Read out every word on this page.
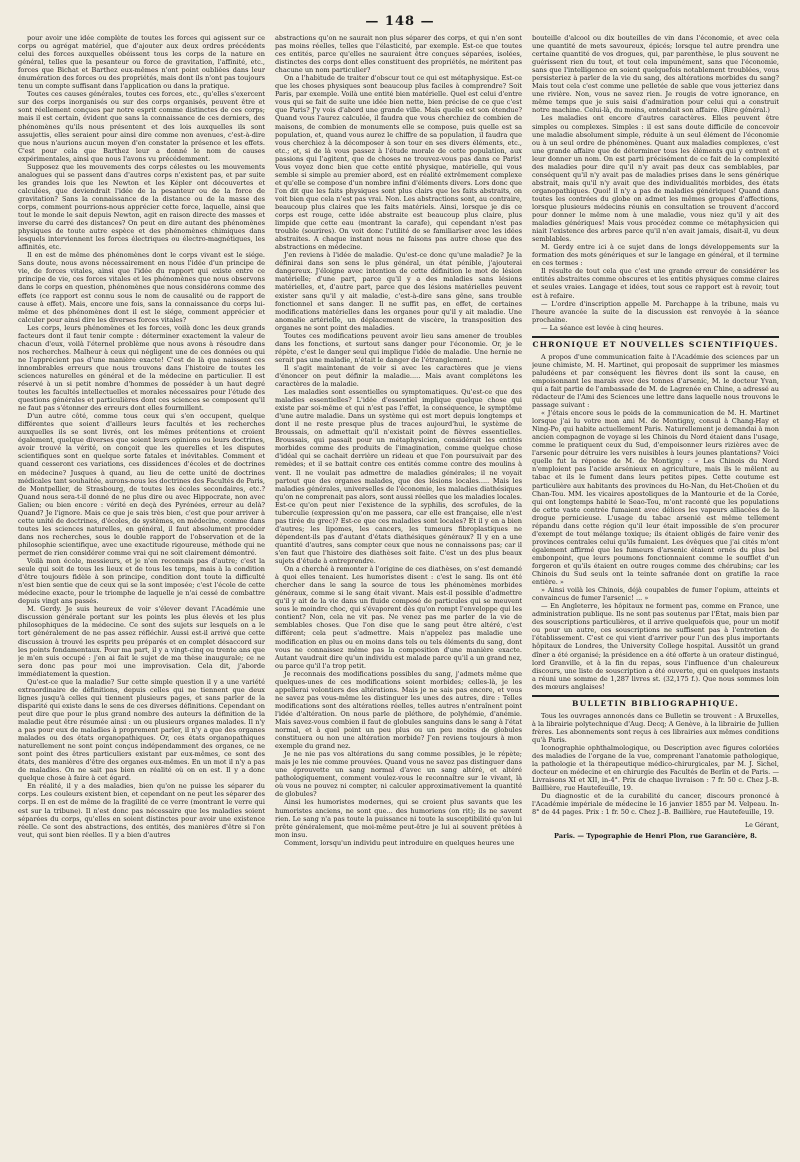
— 148 —

pour avoir une idée complète de toutes les forces qui agissent sur ce corps ou agrégat matériel, que d'ajouter aux deux ordres précédents celui des forces auxquelles obéissent tous les corps de la nature en général, telles que la pesanteur ou force de gravitation, l'affinité, etc., forces que Bichat et Barthez eux-mêmes n'ont point oubliées dans leur énumération des forces ou des propriétés, mais dont ils n'ont pas toujours tenu un compte suffisant dans l'application ou dans la pratique.

Toutes ces causes générales, toutes ces forces, etc., qu'elles s'exercent sur des corps inorganisés ou sur des corps organisés, peuvent être et sont réellement conçues par notre esprit comme distinctes de ces corps; mais il est certain, évident que sans la connaissance de ces derniers, des phénomènes qu'ils nous présentent et des lois auxquelles ils sont assujettis, elles seraient pour ainsi dire comme non avenues, c'est-à-dire que nous n'aurions aucun moyen d'en constater la présence et les effets. C'est pour cela que Barthez leur a donné le nom de causes expérimentales, ainsi que nous l'avons vu précédemment.

Supposez que les mouvements des corps célestes ou les mouvements analogues qui se passent dans d'autres corps n'existent pas, et par suite les grandes lois que les Newton et les Képler ont découvertes et calculées, que deviendrait l'idée de la pesanteur ou de la force de gravitation? Sans la connaissance de la distance ou de la masse des corps, comment pourrions-nous apprécier cette force, laquelle, ainsi que tout le monde le sait depuis Newton, agit en raison directe des masses et inverse du carré des distances? On peut en dire autant des phénomènes physiques de toute autre espèce et des phénomènes chimiques dans lesquels interviennent les forces électriques ou électro-magnétiques, les affinités, etc.

Il en est de même des phénomènes dont le corps vivant est le siége. Sans doute, nous avons nécessairement en nous l'idée d'un principe de vie, de forces vitales, ainsi que l'idée du rapport qui existe entre ce principe de vie, ces forces vitales et les phénomènes que nous observons dans le corps en question, phénomènes que nous considérons comme des effets (ce rapport est connu sous le nom de causalité ou de rapport de cause à effet). Mais, encore une fois, sans la connaissance du corps lui-même et des phénomènes dont il est le siége, comment apprécier et calculer pour ainsi dire les diverses forces vitales?

Les corps, leurs phénomènes et les forces, voilà donc les deux grands facteurs dont il faut tenir compte : déterminer exactement la valeur de chacun d'eux, voilà l'éternel problème que nous avons à résoudre dans nos recherches. Malheur à ceux qui négligent une de ces données ou qui ne l'apprécient pas d'une manière exacte! C'est de là que naissent ces innombrables erreurs que nous trouvons dans l'histoire de toutes les sciences naturelles en général et de la médecine en particulier. Il est réservé à un si petit nombre d'hommes de posséder à un haut degré toutes les facultés intellectuelles et morales nécessaires pour l'étude des questions générales et particulières dont ces sciences se composent qu'il ne faut pas s'étonner des erreurs dont elles fourmillent.

D'un autre côté, comme tous ceux qui s'en occupent, quelque différentes que soient d'ailleurs leurs facultés et les recherches auxquelles ils se sont livrés, ont les mêmes prétentions et croient également, quelque diverses que soient leurs opinions ou leurs doctrines, avoir trouvé la vérité, on conçoit que les querelles et les disputes scientifiques sont en quelque sorte fatales et inévitables. Comment et quand cesseront ces variations, ces dissidences d'écoles et de doctrines en médecine? Jusques à quand, au lieu de cette unité de doctrines médicales tant souhaitée, aurons-nous les doctrines des Facultés de Paris, de Montpellier, de Strasbourg, de toutes les écoles secondaires, etc.? Quand nous sera-t-il donné de ne plus dire ou avec Hippocrate, non avec Galien; ou bien encore : vérité en deçà des Pyrénées, erreur au delà? Quand? Je l'ignore. Mais ce que je sais très bien, c'est que pour arriver à cette unité de doctrines, d'écoles, de systèmes, en médecine, comme dans toutes les sciences naturelles, en général, il faut absolument procéder dans nos recherches, sous le double rapport de l'observation et de la philosophie scientifique, avec une exactitude rigoureuse, méthode qui ne permet de rien considérer comme vrai qui ne soit clairement démontré.

Voilà mon école, messieurs, et je n'en reconnais pas d'autre; c'est la seule qui soit de tous les lieux et de tous les temps, mais à la condition d'être toujours fidèle à son principe, condition dont toute la difficulté n'est bien sentie que de ceux qui se la sont imposée; c'est l'école de cette médecine exacte, pour le triomphe de laquelle je n'ai cessé de combattre depuis vingt ans passés.

M. Gerdy. Je suis heureux de voir s'élever devant l'Académie une discussion générale portant sur les points les plus élevés et les plus philosophiques de la médecine. Ce sont des sujets sur lesquels on a le tort généralement de ne pas assez réfléchir. Aussi est-il arrivé que cette discussion à trouvé les esprits peu préparés et en complet désaccord sur les points fondamentaux. Pour ma part, il y a vingt-cinq ou trente ans que je m'en suis occupé : j'en ai fait le sujet de ma thèse inaugurale; ce ne sera donc pas pour moi une improvisation. Cela dit, j'aborde immédiatement la question.

Qu'est-ce que la maladie? Sur cette simple question il y a une variété extraordinaire de définitions, depuis celles qui ne tiennent que deux lignes jusqu'à celles qui tiennent plusieurs pages, et sans parler de la disparité qui existe dans le sens de ces diverses définitions. Cependant on peut dire que pour le plus grand nombre des auteurs la définition de la maladie peut être résumée ainsi : un ou plusieurs organes malades. Il n'y a pas pour eux de maladies à proprement parler, il n'y a que des organes malades ou des états organopathiques. Or, ces états organopathiques naturellement ne sont point conçus indépendamment des organes, ce ne sont point des êtres particuliers existant par eux-mêmes, ce sont des états, des manières d'être des organes eux-mêmes. En un mot il n'y a pas de maladies. On ne sait pas bien en réalité où on en est. Il y a donc quelque chose à faire à cet égard.

En réalité, il y a des maladies, bien qu'on ne puisse les séparer du corps. Les couleurs existent bien, et cependant on ne peut les séparer des corps. Il en est de même de la fragilité de ce verre (montrant le verre qui est sur la tribune). Il n'est donc pas nécessaire que les maladies soient séparées du corps, qu'elles en soient distinctes pour avoir une existence réelle. Ce sont des abstractions, des entités, des manières d'être si l'on veut, qui sont bien réelles. Il y a bien d'autres

abstractions qu'on ne saurait non plus séparer des corps, et qui n'en sont pas moins réelles, telles que l'élasticité, par exemple. Est-ce que toutes ces entités, parce qu'elles ne sauraient être conçues séparées, isolées, distinctes des corps dont elles constituent des propriétés, ne méritent pas chacune un nom particulier?

On a l'habitude de traiter d'obscur tout ce qui est métaphysique. Est-ce que les choses physiques sont beaucoup plus faciles à comprendre? Soit Paris, par exemple. Voilà une entité bien matérielle. Quel est celui d'entre vous qui se fait de suite une idée bien nette, bien précise de ce que c'est que Paris? J'y vois d'abord une grande ville. Mais quelle est son étendue? Quand vous l'aurez calculée, il faudra que vous cherchiez de combien de maisons, de combien de monuments elle se compose, puis quelle est sa population, et, quand vous aurez le chiffre de sa population, il faudra que vous cherchiez à la décomposer à son tour en ses divers éléments, etc., etc.; et, si de là vous passez à l'étude morale de cette population, aux passions qui l'agitent, que de choses ne trouvez-vous pas dans ce Paris! Vous voyez donc bien que cette entité physique, matérielle, qui vous semble si simple au premier abord, est en réalité extrêmement complexe et qu'elle se compose d'un nombre infini d'éléments divers. Lors donc que l'on dit que les faits physiques sont plus clairs que les faits abstraits, on voit bien que cela n'est pas vrai. Non. Les abstractions sont, au contraire, beaucoup plus claires que les faits matériels. Ainsi, lorsque je dis ce corps est rouge, cette idée abstraite est beaucoup plus claire, plus limpide que cette eau (montrant la carafe), qui cependant n'est pas trouble (sourires). On voit donc l'utilité de se familiariser avec les idées abstraites. A chaque instant nous ne faisons pas autre chose que des abstractions en médecine.

J'en reviens à l'idée de maladie. Qu'est-ce donc qu'une maladie? Je la définirai dans son sens le plus général, un état pénible, j'ajouterai dangereux. J'éloigne avec intention de cette définition le mot de lésion matérielle; d'une part, parce qu'il y a des maladies sans lésions matérielles, et, d'autre part, parce que des lésions matérielles peuvent exister sans qu'il y ait maladie, c'est-à-dire sans gêne, sans trouble fonctionnel et sans danger. Il ne suffit pas, en effet, de certaines modifications matérielles dans les organes pour qu'il y ait maladie. Une anomalie artérielle, un déplacement de viscère, la transposition des organes ne sont point des maladies.

Toutes ces modifications peuvent avoir lieu sans amener de troubles dans les fonctions, et surtout sans danger pour l'économie. Or, je le répète, c'est le danger seul qui implique l'idée de maladie. Une hernie ne serait pas une maladie, n'était le danger de l'étranglement.

Il s'agit maintenant de voir si avec les caractères que je viens d'énoncer on peut définir la maladie..... Mais avant complétons les caractères de la maladie.

Les maladies sont essentielles ou symptomatiques. Qu'est-ce que des maladies essentielles? L'idée d'essentiel implique quelque chose qui existe par soi-même et qui n'est pas l'effet, la conséquence, le symptôme d'une autre maladie. Dans un système qui est mort depuis longtemps et dont il ne reste presque plus de traces aujourd'hui, le système de Broussais, on admettait qu'il n'existait point de fièvres essentielles. Broussais, qui passait pour un métaphysicien, considérait les entités morbides comme des produits de l'imagination, comme quelque chose d'idéal qui se cachait derrière un rideau et que l'on poursuivait par des remèdes; et il se battait contre ces entités comme contre des moulins à vent. Il ne voulait pas admettre de maladies générales; il ne voyait partout que des organes malades, que des lésions locales..... Mais les maladies générales, universelles de l'économie, les maladies diathésiques qu'on ne comprenait pas alors, sont aussi réelles que les maladies locales. Est-ce qu'on peut nier l'existence de la syphilis, des scrofules, de la tuberculie (expression qu'on me passera, car elle est française, elle n'est pas tirée du grec)? Est-ce que ces maladies sont locales? Et il y en a bien d'autres; les lipomes, les cancers, les tumeurs fibroplastiques ne dépendent-ils pas d'autant d'états diathésiques généraux? Il y en a une quantité d'autres, sans compter ceux que nous ne connaissons pas; car il s'en faut que l'histoire des diathèses soit faite. C'est un des plus beaux sujets d'étude à entreprendre.

On a cherché à remonter à l'origine de ces diathèses, on s'est demandé à quoi elles tenaient. Les humoristes disent : c'est le sang. Ils ont été chercher dans le sang la source de tous les phénomènes morbides généraux, comme si le sang était vivant. Mais est-il possible d'admettre qu'il y ait de la vie dans un fluide composé de particules qui se meuvent sous le moindre choc, qui s'évaporent dès qu'on rompt l'enveloppe qui les contient? Non, cela ne vit pas. Ne venez pas me parler de la vie de semblables choses. Que l'on dise que le sang peut être altéré, c'est différent; cela peut s'admettre. Mais n'appelez pas maladie une modification en plus ou en moins dans tels ou tels éléments du sang, dont vous ne connaissez même pas la composition d'une manière exacte. Autant vaudrait dire qu'un individu est malade parce qu'il a un grand nez, ou parce qu'il l'a trop petit.

Je reconnais des modifications possibles du sang, j'admets même que quelques-unes de ces modifications soient morbides; celles-là, je les appellerai volontiers des altérations. Mais je ne sais pas encore, et vous ne savez pas vous-même les distinguer les unes des autres, dire : Telles modifications sont des altérations réelles, telles autres n'entraînent point l'idée d'altération. On nous parle de pléthore, de polyhémie, d'anémie. Mais savez-vous combien il faut de globules sanguins dans le sang à l'état normal, et à quel point un peu plus ou un peu moins de globules constituera ou non une altération morbide? J'en reviens toujours à mon exemple du grand nez.

Je ne nie pas vos altérations du sang comme possibles, je le répète; mais je les nie comme prouvées. Quand vous ne savez pas distinguer dans une éprouvette un sang normal d'avec un sang altéré, et altéré pathologiquement, comment voulez-vous le reconnaître sur le vivant, là où vous ne pouvez ni compter, ni calculer approximativement la quantité de globules?

Ainsi les humoristes modernes, qui se croient plus savants que les humoristes anciens, ne sont que... des humoriens (on rit); ils ne savent rien. Le sang n'a pas toute la puissance ni toute la susceptibilité qu'on lui prête généralement, que moi-même peut-être je lui ai souvent prêtées à mon insu.

Comment, lorsqu'un individu peut introduire en quelques heures une

bouteille d'alcool ou dix bouteilles de vin dans l'économie, et avec cela une quantité de mets savoureux, épicés; lorsque tel autre prendra une certaine quantité de vos drogues, qui, par parenthèse, le plus souvent ne guérissent rien du tout, et tout cela impunément, sans que l'économie, sans que l'intelligence en soient quelquefois notablement troublées, vous persisteriez à parler de la vie du sang, des altérations morbides du sang? Mais tout cela c'est comme une pelletée de sable que vous jetteriez dans une rivière. Non, vous ne savez rien. Je rougis de votre ignorance, en même temps que je suis saisi d'admiration pour celui qui a construit notre machine. Celui-là, du moins, entendait son affaire. (Rire général.)

Les maladies ont encore d'autres caractères. Elles peuvent être simples ou complexes. Simples : il est sans doute difficile de concevoir une maladie absolument simple, réduite à un seul élément de l'économie ou à un seul ordre de phénomènes. Quant aux maladies complexes, c'est une grande affaire que de déterminer tous les éléments qui y entrent et leur donner un nom. On est parti précisément de ce fait de la complexité des maladies pour dire qu'il n'y avait pas deux cas semblables, par conséquent qu'il n'y avait pas de maladies prises dans le sens générique abstrait, mais qu'il n'y avait que des individualités morbides, des états organopathiques. Quoi! il n'y a pas de maladies génériques! Quand dans toutes les contrées du globe on admet les mêmes groupes d'affections, lorsque plusieurs médecins réunis en consultation se trouvent d'accord pour donner le même nom à une maladie, vous niez qu'il y ait des maladies génériques! Mais vous procédez comme ce métaphysicien qui niait l'existence des arbres parce qu'il n'en avait jamais, disait-il, vu deux semblables.

M. Gerdy entre ici à ce sujet dans de longs développements sur la formation des mots génériques et sur le langage en général, et il termine en ces termes :

Il résulte de tout cela que c'est une grande erreur de considérer les entités abstraites comme obscures et les entités physiques comme claires et seules vraies. Langage et idées, tout sous ce rapport est à revoir, tout est à refaire.

— L'ordre d'inscription appelle M. Parchappe à la tribune, mais vu l'heure avancée la suite de la discussion est renvoyée à la séance prochaine.

— La séance est levée à cinq heures.

CHRONIQUE ET NOUVELLES SCIENTIFIQUES.

A propos d'une communication faite à l'Académie des sciences par un jeune chimiste, M. H. Martinet, qui proposait de supprimer les miasmes paludéens et par conséquent les fièvres dont ils sont la cause, en empoisonnant les marais avec des tonnes d'arsenic, M. le docteur Yvan, qui a fait partie de l'ambassade de M. de Lagrenée en Chine, a adressé au rédacteur de l'Ami des Sciences une lettre dans laquelle nous trouvons le passage suivant :

« J'étais encore sous le poids de la communication de M. H. Martinet lorsque j'ai lu votre mon ami M. de Montigny, consul à Chang-Hay et Ning-Po, qui habite actuellement Paris. Naturellement je demandai à mon ancien compagnon de voyage si les Chinois du Nord étaient dans l'usage, comme le pratiquent ceux du Sud, d'empoisonner leurs rizières avec de l'arsenic pour détruire les vers nuisibles à leurs jeunes plantations? Voici quelle fut la réponse de M. de Montigny : « Les Chinois du Nord n'emploient pas l'acide arsénieux en agriculture, mais ils le mêlent au tabac et ils le fument dans leurs petites pipes. Cette coutume est particulière aux habitants des provinces du Ho-Nan, du Het-Choüen et du Chan-Tou. MM. les vicaires apostoliques de la Mantourie et de la Corée, qui ont longtemps habité le Seao-Tou, m'ont raconté que les populations de cette vaste contrée fumaient avec délices les vapeurs alliacées de la drogue pernicieuse. L'usage du tabac arsenié est même tellement répandu dans cette région qu'il leur était impossible de s'en procurer d'exempt de tout mélange toxique; ils étaient obligés de faire venir des provinces centrales celui qu'ils fumaient. Les évêques que j'ai cités m'ont également affirmé que les fumeurs d'arsenic étaient ornés du plus bel embonpoint, que leurs poumons fonctionnaient comme le soufflet d'un forgeron et qu'ils étaient en outre rouges comme des chérubins; car les Chinois du Sud seuls ont la teinte safranée dont on gratifie la race entière. »

» Ainsi voilà les Chinois, déjà coupables de fumer l'opium, atteints et convaincus de fumer l'arsenic! ... »

— En Angleterre, les hôpitaux ne forment pas, comme en France, une administration publique. Ils ne sont pas soutenus par l'État, mais bien par des souscriptions particulières, et il arrive quelquefois que, pour un motif ou pour un autre, ces souscriptions ne suffisent pas à l'entretien de l'établissement. C'est ce qui vient d'arriver pour l'un des plus importants hôpitaux de Londres, the University College hospital. Aussitôt un grand dîner a été organisé; la présidence en a été offerte à un orateur distingué, lord Granville, et à la fin du repas, sous l'influence d'un chaleureux discours, une liste de souscription a été ouverte, qui en quelques instants a réuni une somme de 1,287 livres st. (32,175 f.). Que nous sommes loin des mœurs anglaises!

BULLETIN BIBLIOGRAPHIQUE.

Tous les ouvrages annoncés dans ce Bulletin se trouvent : A Bruxelles, à la librairie polytechnique d'Aug. Decq; A Genève, à la librairie de Jullien frères. Les abonnements sont reçus à ces librairies aux mêmes conditions qu'à Paris.

Iconographie ophthalmologique, ou Description avec figures coloriées des maladies de l'organe de la vue, comprenant l'anatomie pathologique, la pathologie et la thérapeutique médico-chirurgicales, par M. J. Sichel, docteur en médecine et en chirurgie des Facultés de Berlin et de Paris. — Livraisons XI et XII, in-4°. Prix de chaque livraison : 7 fr. 50 c. Chez J.-B. Baillière, rue Hautefeuille, 19.

Du diagnostic et de la curabilité du cancer, discours prononcé à l'Académie impériale de médecine le 16 janvier 1855 par M. Velpeau. In-8° de 44 pages. Prix : 1 fr. 50 c. Chez J.-B. Baillière, rue Hautefeuille, 19.

Le Gérant,
Paris. — Typographie de Henri Plon, rue Garancière, 8.
